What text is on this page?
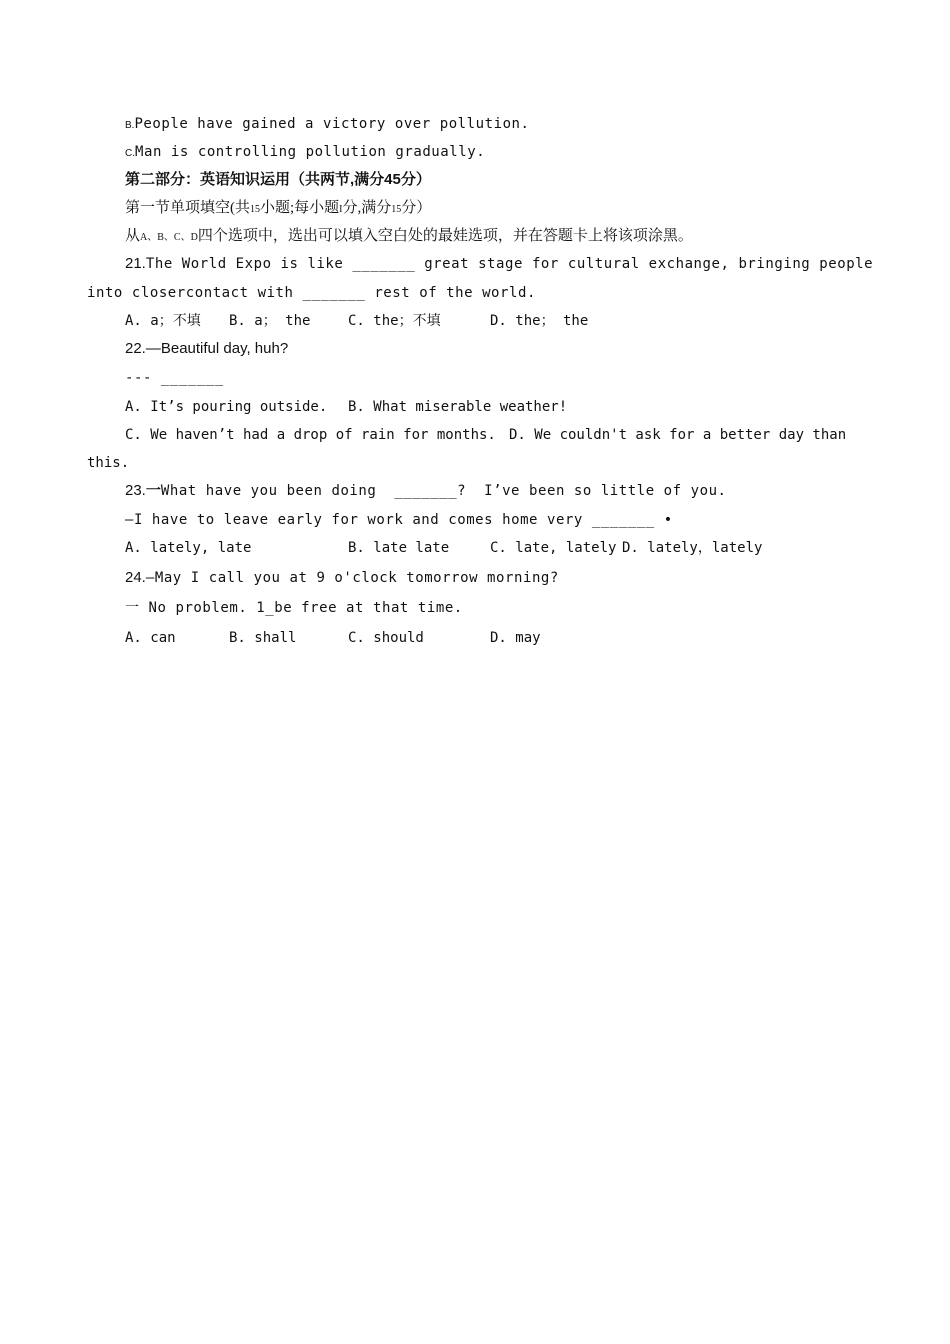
B.People have gained a victory over pollution.
C.Man is controlling pollution gradually.
第二部分：英语知识运用（共两节,满分45分）
第一节单项填空(共15小题;每小题I分,满分15分）
从A、B、C、D四个选项中，选出可以填入空白处的最娃选项，并在答题卡上将该项涂黑。
21.The World Expo is like _______ great stage for cultural exchange, bringing people
into closercontact with _______ rest of the world.
A. a；不填 B. a； the	C. the；不填	D. the； the
22.—Beautiful day, huh?
--- _______
A. It’s pouring outside. B. What miserable weather!
C. We haven’t had a drop of rain for months. D. We couldn't ask for a better day than
this.
23.一What have you been doing  _______?  I’ve been so little of you.
—I have to leave early for work and comes home very _______ •
A. lately, late	B. late late	C. late, lately D. lately，lately
24.—May I call you at 9 o'clock tomorrow morning?
一 No problem. 1_be free at that time.
A. can	B. shall	C. should	D. may
